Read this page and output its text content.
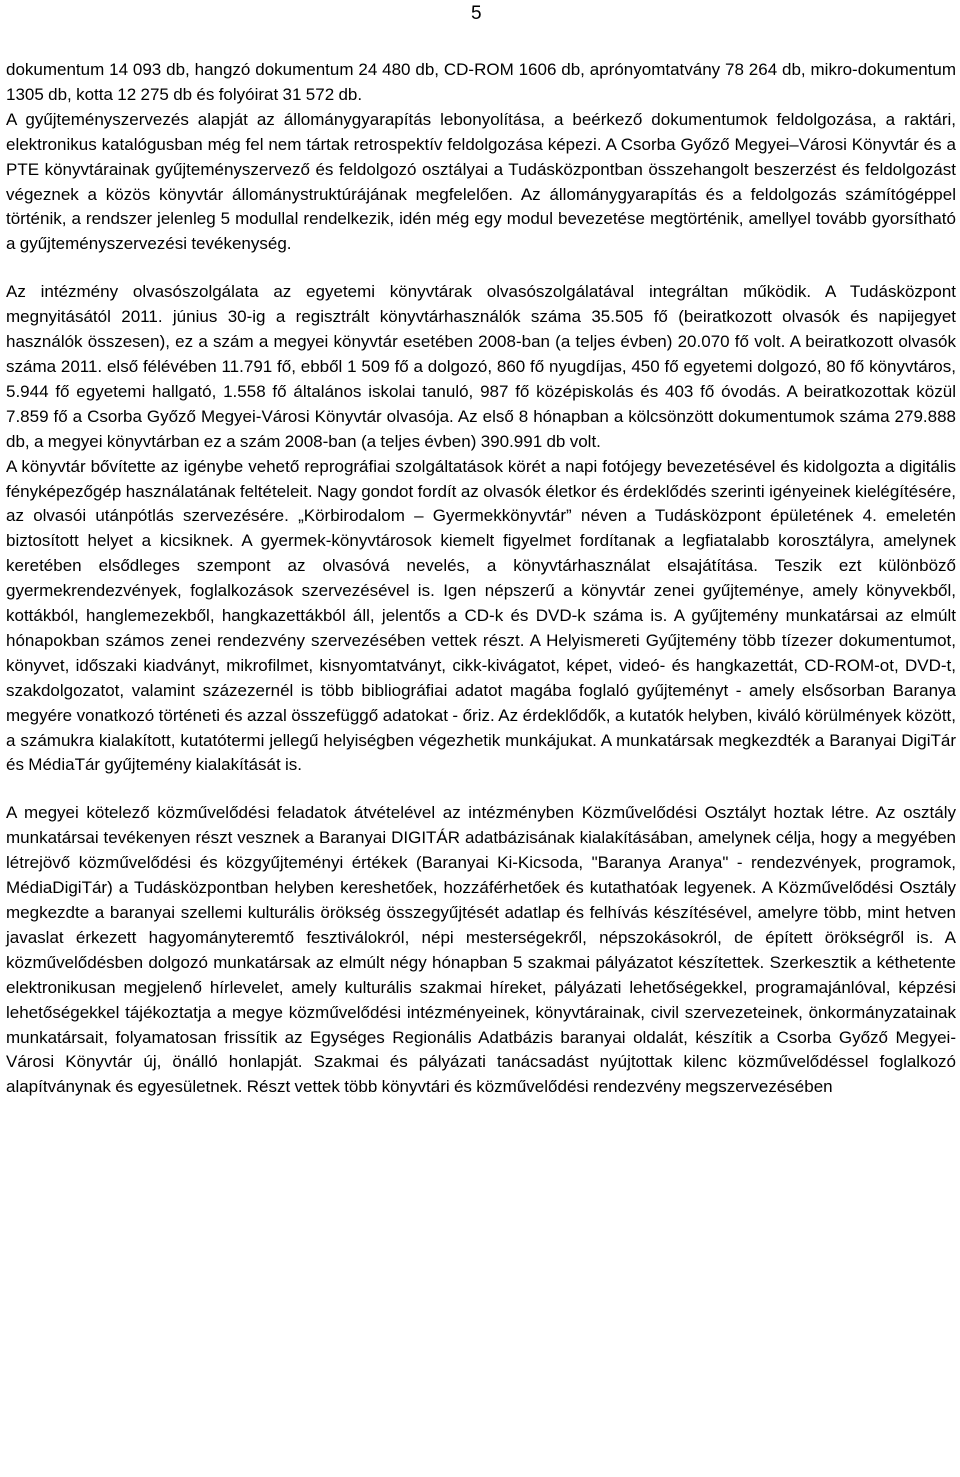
5

dokumentum 14 093 db, hangzó dokumentum 24 480 db, CD-ROM 1606 db, aprónyomtatvány 78 264 db, mikro-dokumentum 1305 db, kotta 12 275 db és folyóirat 31 572 db.

A gyűjteményszervezés alapját az állománygyarapítás lebonyolítása, a beérkező dokumentumok feldolgozása, a raktári, elektronikus katalógusban még fel nem tártak retrospektív feldolgozása képezi. A Csorba Győző Megyei–Városi Könyvtár és a PTE könyvtárainak gyűjteményszervező és feldolgozó osztályai a Tudásközpontban összehangolt beszerzést és feldolgozást végeznek a közös könyvtár állománystruktúrájának megfelelően. Az állománygyarapítás és a feldolgozás számítógéppel történik, a rendszer jelenleg 5 modullal rendelkezik, idén még egy modul bevezetése megtörténik, amellyel tovább gyorsítható a gyűjteményszervezési tevékenység.

Az intézmény olvasószolgálata az egyetemi könyvtárak olvasószolgálatával integráltan működik. A Tudásközpont megnyitásától 2011. június 30-ig a regisztrált könyvtárhasználók száma 35.505 fő (beiratkozott olvasók és napijegyet használók összesen), ez a szám a megyei könyvtár esetében 2008-ban (a teljes évben) 20.070 fő volt. A beiratkozott olvasók száma 2011. első félévében 11.791 fő, ebből 1 509 fő a dolgozó, 860 fő nyugdíjas, 450 fő egyetemi dolgozó, 80 fő könyvtáros, 5.944 fő egyetemi hallgató, 1.558 fő általános iskolai tanuló, 987 fő középiskolás és 403 fő óvodás. A beiratkozottak közül 7.859 fő a Csorba Győző Megyei-Városi Könyvtár olvasója. Az első 8 hónapban a kölcsönzött dokumentumok száma 279.888 db, a megyei könyvtárban ez a szám 2008-ban (a teljes évben) 390.991 db volt.

A könyvtár bővítette az igénybe vehető reprográfiai szolgáltatások körét a napi fotójegy bevezetésével és kidolgozta a digitális fényképezőgép használatának feltételeit. Nagy gondot fordít az olvasók életkor és érdeklődés szerinti igényeinek kielégítésére, az olvasói utánpótlás szervezésére. „Körbirodalom – Gyermekkönyvtár” néven a Tudásközpont épületének 4. emeletén biztosított helyet a kicsiknek. A gyermek-könyvtárosok kiemelt figyelmet fordítanak a legfiatalabb korosztályra, amelynek keretében elsődleges szempont az olvasóvá nevelés, a könyvtárhasználat elsajátítása. Teszik ezt különböző gyermekrendezvények, foglalkozások szervezésével is. Igen népszerű a könyvtár zenei gyűjteménye, amely könyvekből, kottákból, hanglemezekből, hangkazettákból áll, jelentős a CD-k és DVD-k száma is. A gyűjtemény munkatársai az elmúlt hónapokban számos zenei rendezvény szervezésében vettek részt. A Helyismereti Gyűjtemény több tízezer dokumentumot, könyvet, időszaki kiadványt, mikrofilmet, kisnyomtatványt, cikk-kivágatot, képet, videó- és hangkazettát, CD-ROM-ot, DVD-t, szakdolgozatot, valamint százezernél is több bibliográfiai adatot magába foglaló gyűjteményt - amely elsősorban Baranya megyére vonatkozó történeti és azzal összefüggő adatokat - őriz. Az érdeklődők, a kutatók helyben, kiváló körülmények között, a számukra kialakított, kutatótermi jellegű helyiségben végezhetik munkájukat. A munkatársak megkezdték a Baranyai DigiTár és MédiaTár gyűjtemény kialakítását is.

A megyei kötelező közművelődési feladatok átvételével az intézményben Közművelődési Osztályt hoztak létre. Az osztály munkatársai tevékenyen részt vesznek a Baranyai DIGITÁR adatbázisának kialakításában, amelynek célja, hogy a megyében létrejövő közművelődési és közgyűjteményi értékek (Baranyai Ki-Kicsoda, "Baranya Aranya" - rendezvények, programok, MédiaDigiTár) a Tudásközpontban helyben kereshetőek, hozzáférhetőek és kutathatóak legyenek. A Közművelődési Osztály megkezdte a baranyai szellemi kulturális örökség összegyűjtését adatlap és felhívás készítésével, amelyre több, mint hetven javaslat érkezett hagyományteremtő fesztiválokról, népi mesterségekről, népszokásokról, de épített örökségről is. A közművelődésben dolgozó munkatársak az elmúlt négy hónapban 5 szakmai pályázatot készítettek. Szerkesztik a kéthetente elektronikusan megjelenő hírlevelet, amely kulturális szakmai híreket, pályázati lehetőségekkel, programajánlóval, képzési lehetőségekkel tájékoztatja a megye közművelődési intézményeinek, könyvtárainak, civil szervezeteinek, önkormányzatainak munkatársait, folyamatosan frissítik az Egységes Regionális Adatbázis baranyai oldalát, készítik a Csorba Győző Megyei-Városi Könyvtár új, önálló honlapját. Szakmai és pályázati tanácsadást nyújtottak kilenc közművelődéssel foglalkozó alapítványnak és egyesületnek. Részt vettek több könyvtári és közművelődési rendezvény megszervezésében
